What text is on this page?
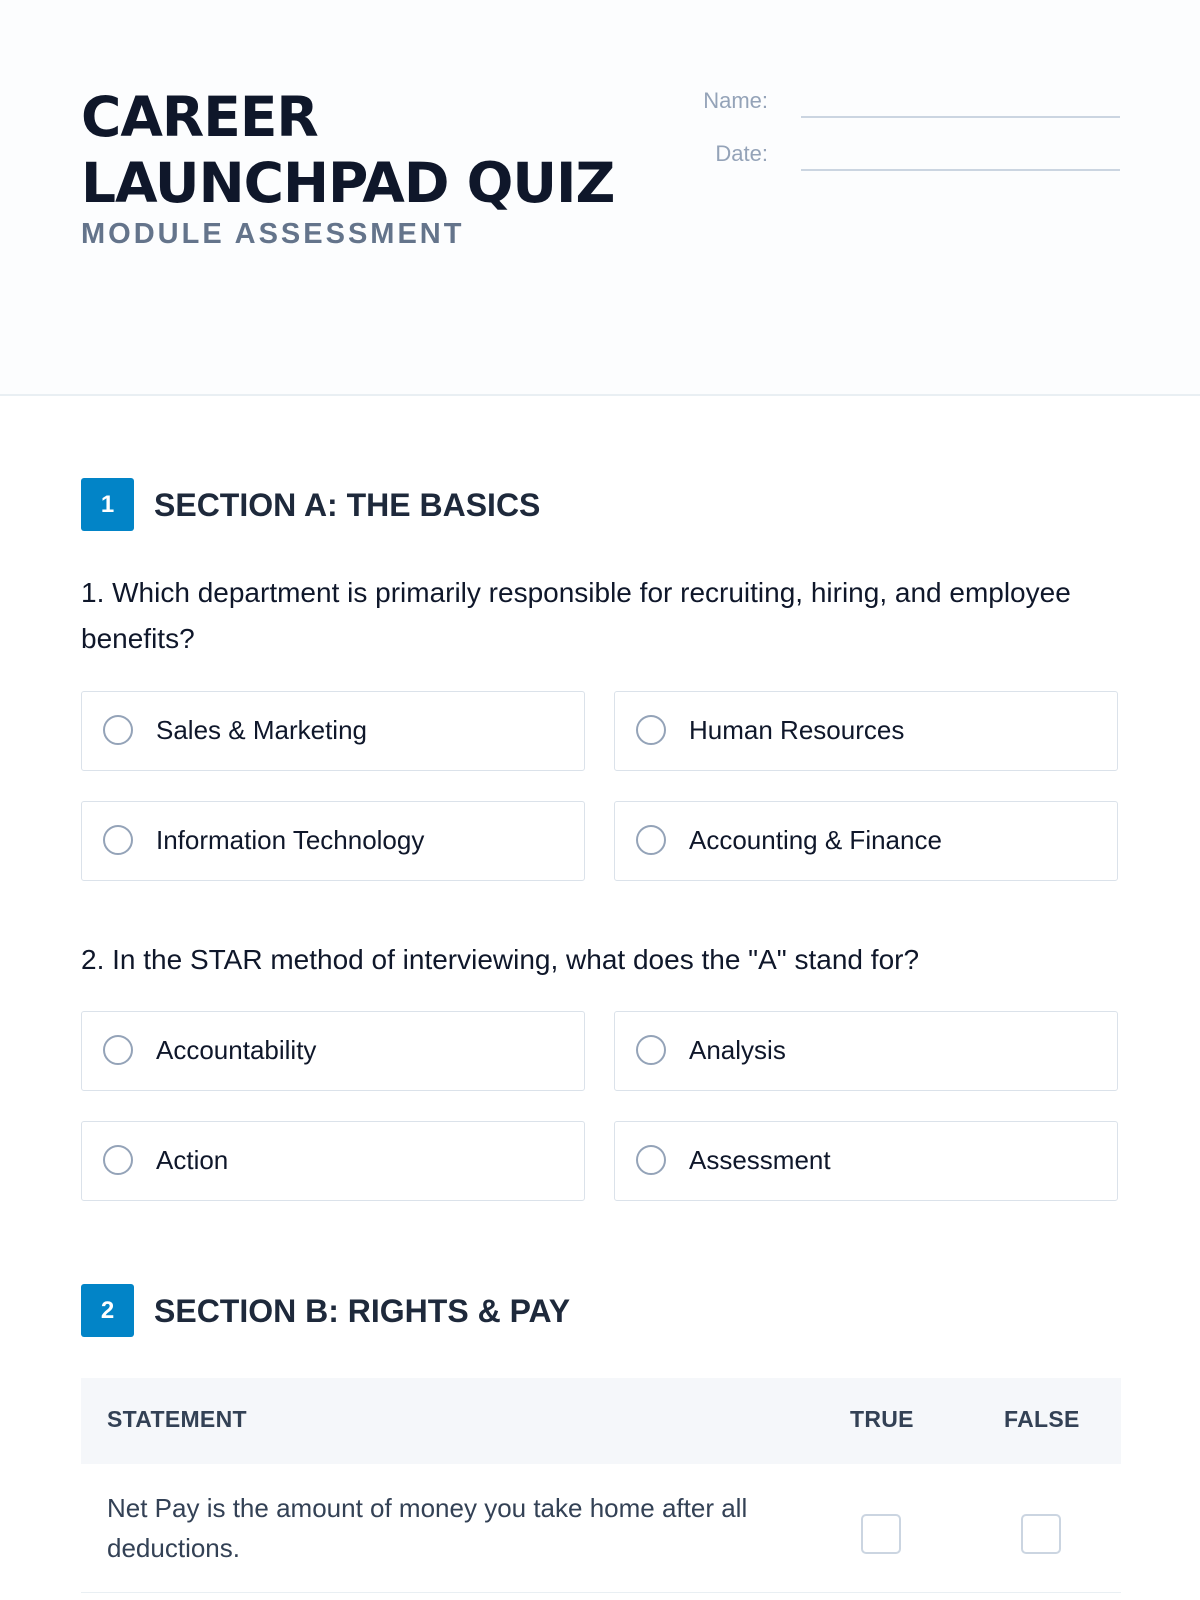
CAREER
LAUNCHPAD QUIZ
MODULE ASSESSMENT
Name:
Date:
1	SECTION A: THE BASICS

1. Which department is primarily responsible for recruiting, hiring, and employee benefits?

Sales & Marketing	Human Resources
Information Technology	Accounting & Finance

2. In the STAR method of interviewing, what does the "A" stand for?

Accountability	Analysis
Action	Assessment
2	SECTION B: RIGHTS & PAY
STATEMENT	TRUE	FALSE
Net Pay is the amount of money you take home after all deductions.
